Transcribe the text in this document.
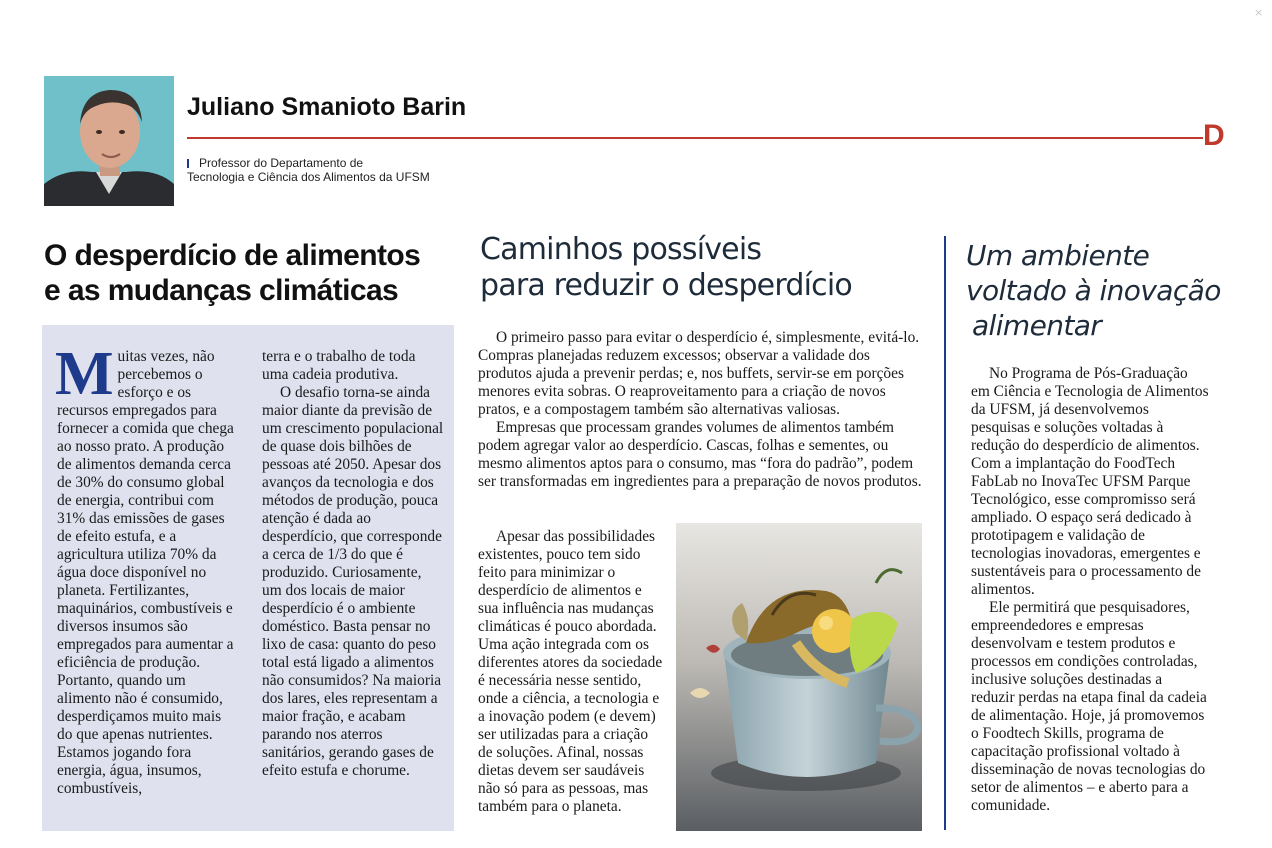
×
Juliano Smanioto Barin
D
Professor do Departamento de
Tecnologia e Ciência dos Alimentos da UFSM
O desperdício de alimentos
e as mudanças climáticas
M uitas vezes, não percebemos o esforço e os recursos empregados para fornecer a comida que chega ao nosso prato. A produção de alimentos demanda cerca de 30% do consumo global de energia, contribui com 31% das emissões de gases de efeito estufa, e a agricultura utiliza 70% da água doce disponível no planeta. Fertilizantes, maquinários, combustíveis e diversos insumos são empregados para aumentar a eficiência de produção. Portanto, quando um alimento não é consumido, desperdiçamos muito mais do que apenas nutrientes. Estamos jogando fora energia, água, insumos, combustíveis,

terra e o trabalho de toda uma cadeia produtiva.

O desafio torna-se ainda maior diante da previsão de um crescimento populacional de quase dois bilhões de pessoas até 2050. Apesar dos avanços da tecnologia e dos métodos de produção, pouca atenção é dada ao desperdício, que corresponde a cerca de 1/3 do que é produzido. Curiosamente, um dos locais de maior desperdício é o ambiente doméstico. Basta pensar no lixo de casa: quanto do peso total está ligado a alimentos não consumidos? Na maioria dos lares, eles representam a maior fração, e acabam parando nos aterros sanitários, gerando gases de efeito estufa e chorume.

Caminhos possíveis
para reduzir o desperdício

O primeiro passo para evitar o desperdício é, simplesmente, evitá-lo. Compras planejadas reduzem excessos; observar a validade dos produtos ajuda a prevenir perdas; e, nos buffets, servir-se em porções menores evita sobras. O reaproveitamento para a criação de novos pratos, e a compostagem também são alternativas valiosas.

Empresas que processam grandes volumes de alimentos também podem agregar valor ao desperdício. Cascas, folhas e sementes, ou mesmo alimentos aptos para o consumo, mas “fora do padrão”, podem ser transformadas em ingredientes para a preparação de novos produtos.

Apesar das possibilidades existentes, pouco tem sido feito para minimizar o desperdício de alimentos e sua influência nas mudanças climáticas é pouco abordada. Uma ação integrada com os diferentes atores da sociedade é necessária nesse sentido, onde a ciência, a tecnologia e a inovação podem (e devem) ser utilizadas para a criação de soluções. Afinal, nossas dietas devem ser saudáveis não só para as pessoas, mas também para o planeta.

Um ambiente
voltado à inovação
alimentar

No Programa de Pós-Graduação em Ciência e Tecnologia de Alimentos da UFSM, já desenvolvemos pesquisas e soluções voltadas à redução do desperdício de alimentos. Com a implantação do FoodTech FabLab no InovaTec UFSM Parque Tecnológico, esse compromisso será ampliado. O espaço será dedicado à prototipagem e validação de tecnologias inovadoras, emergentes e sustentáveis para o processamento de alimentos.

Ele permitirá que pesquisadores, empreendedores e empresas desenvolvam e testem produtos e processos em condições controladas, inclusive soluções destinadas a reduzir perdas na etapa final da cadeia de alimentação. Hoje, já promovemos o Foodtech Skills, programa de capacitação profissional voltado à disseminação de novas tecnologias do setor de alimentos – e aberto para a comunidade.
